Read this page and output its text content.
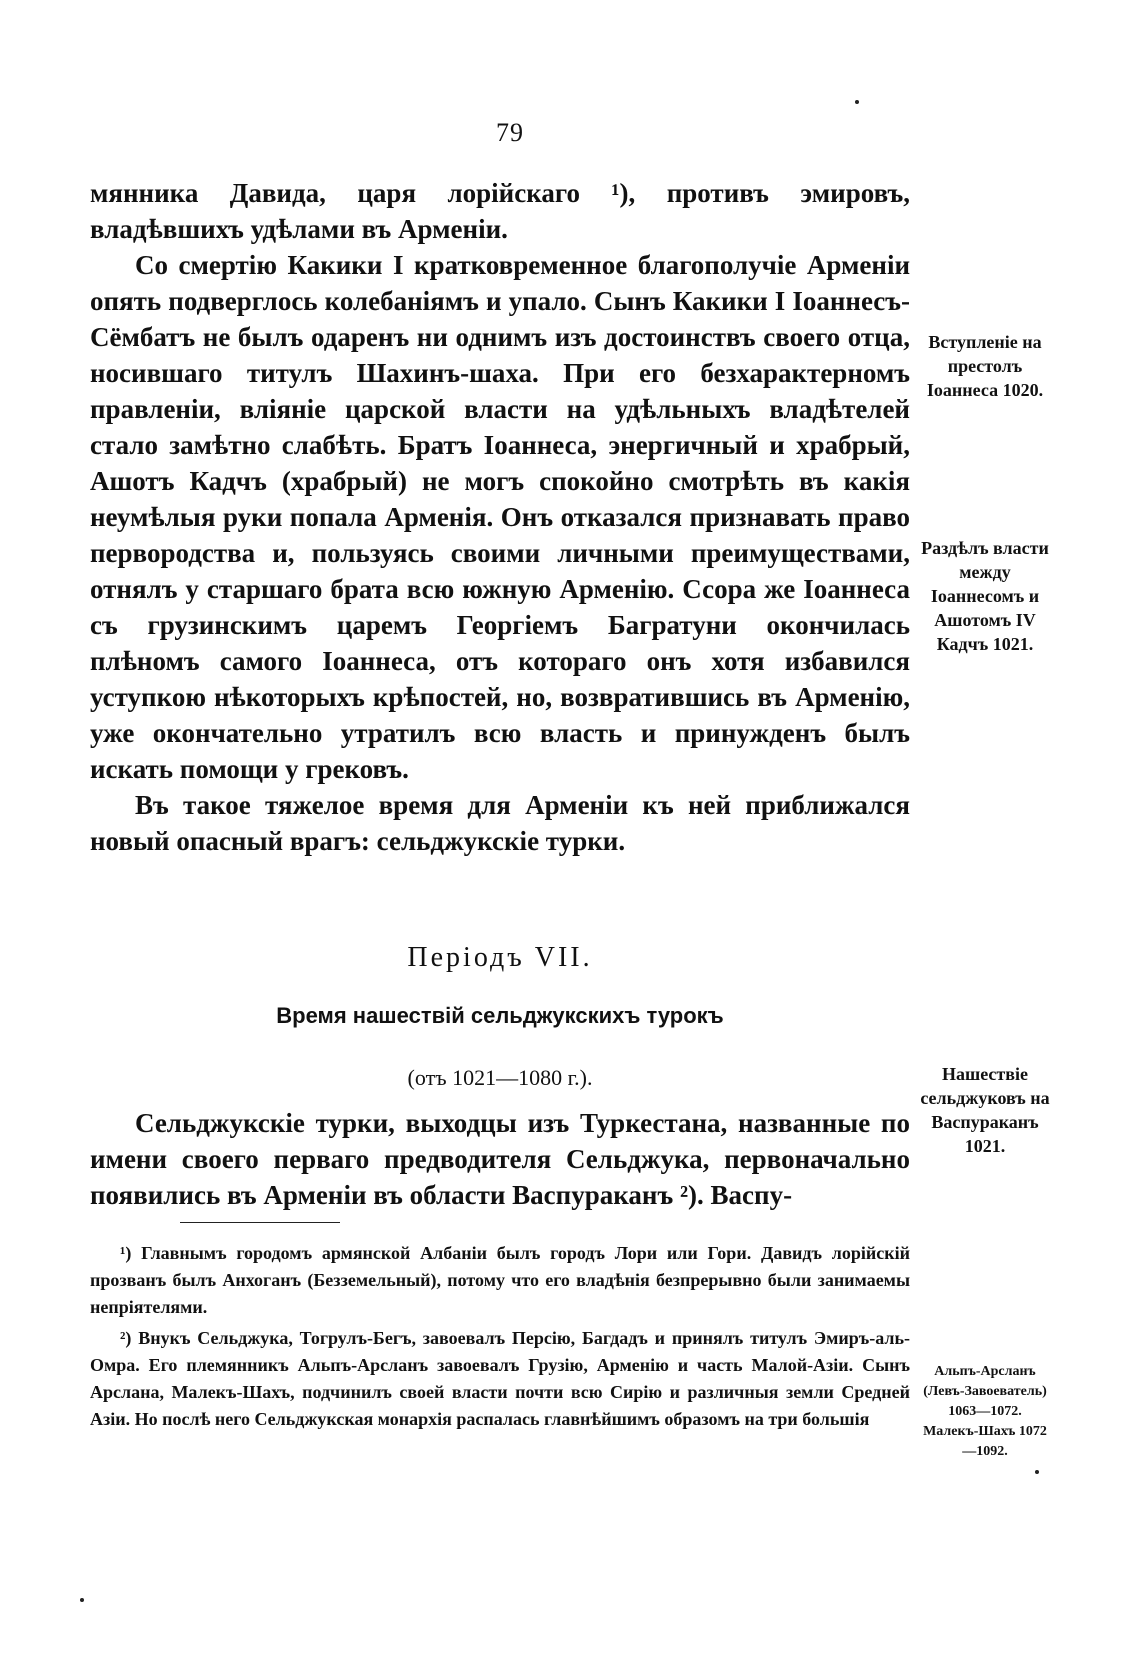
79

мянника Давида, царя лорійскаго ¹), противъ эмировъ, владѣвшихъ удѣлами въ Арменіи.

Со смертію Какики I кратковременное благополучіе Арменіи опять подверглось колебаніямъ и упало. Сынъ Какики I Іоаннесъ-Сёмбатъ не былъ одаренъ ни однимъ изъ достоинствъ своего отца, носившаго титулъ Шахинъ-шаха. При его безхарактерномъ правленіи, вліяніе царской власти на удѣльныхъ владѣтелей стало замѣтно слабѣть. Братъ Іоаннеса, энергичный и храбрый, Ашотъ Кадчъ (храбрый) не могъ спокойно смотрѣть въ какія неумѣлыя руки попала Арменія. Онъ отказался признавать право первородства и, пользуясь своими личными преимуществами, отнялъ у старшаго брата всю южную Арменію. Ссора же Іоаннеса съ грузинскимъ царемъ Георгіемъ Багратуни окончилась плѣномъ самого Іоаннеса, отъ котораго онъ хотя избавился уступкою нѣкоторыхъ крѣпостей, но, возвратившись въ Арменію, уже окончательно утратилъ всю власть и принужденъ былъ искать помощи у грековъ.

Въ такое тяжелое время для Арменіи къ ней приближался новый опасный врагъ: сельджукскіе турки.

Вступленіе на престолъ Іоаннеса 1020.
Раздѣлъ власти между Іоаннесомъ и Ашотомъ IV Кадчъ 1021.
Періодъ VII.
Время нашествій сельджукскихъ турокъ
(отъ 1021—1080 г.).
Сельджукскіе турки, выходцы изъ Туркестана, названные по имени своего перваго предводителя Сельджука, первоначально появились въ Арменіи въ области Васпураканъ ²). Васпу-
Нашествіе сельджуковъ на Васпураканъ 1021.

¹) Главнымъ городомъ армянской Албаніи былъ городъ Лори или Гори. Давидъ лорійскій прозванъ былъ Анхоганъ (Безземельный), потому что его владѣнія безпрерывно были занимаемы непріятелями.

²) Внукъ Сельджука, Тогрулъ-Бегъ, завоевалъ Персію, Багдадъ и принялъ титулъ Эмиръ-аль-Омра. Его племянникъ Альпъ-Арсланъ завоевалъ Грузію, Арменію и часть Малой-Азіи. Сынъ Арслана, Малекъ-Шахъ, подчинилъ своей власти почти всю Сирію и различныя земли Средней Азіи. Но послѣ него Сельджукская монархія распалась главнѣйшимъ образомъ на три большія

Альпъ-Арсланъ (Левъ-Завоеватель) 1063—1072. Малекъ-Шахъ 1072—1092.
